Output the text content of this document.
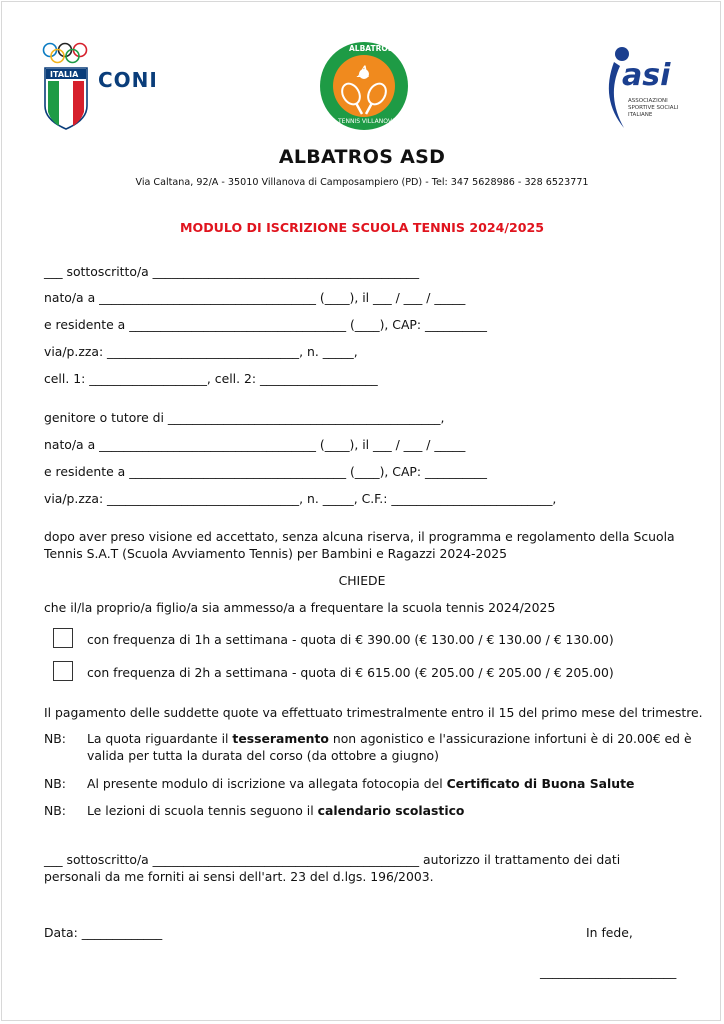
ITALIA CONI
ALBATROS
TENNIS VILLANOVA
A	asi
ASSOCIAZIONI
SPORTIVE SOCIALI
ITALIANE
ALBATROS ASD
Via Caltana, 92/A - 35010 Villanova di Camposampiero (PD) - Tel: 347 5628986 - 328 6523771
MODULO DI ISCRIZIONE SCUOLA TENNIS 2024/2025
___ sottoscritto/a ___________________________________________
nato/a a ___________________________________ (____), il ___ / ___ / _____
e residente a ___________________________________ (____), CAP: __________
via/p.zza: _______________________________, n. _____,
cell. 1: ___________________, cell. 2: ___________________
genitore o tutore di ____________________________________________,
nato/a a ___________________________________ (____), il ___ / ___ / _____
e residente a ___________________________________ (____), CAP: __________
via/p.zza: _______________________________, n. _____, C.F.: __________________________,
dopo aver preso visione ed accettato, senza alcuna riserva, il programma e regolamento della Scuola
Tennis S.A.T (Scuola Avviamento Tennis) per Bambini e Ragazzi 2024-2025
CHIEDE
che il/la proprio/a figlio/a sia ammesso/a a frequentare la scuola tennis 2024/2025
con frequenza di 1h a settimana - quota di € 390.00 (€ 130.00 / € 130.00 / € 130.00)
con frequenza di 2h a settimana - quota di € 615.00 (€ 205.00 / € 205.00 / € 205.00)
Il pagamento delle suddette quote va effettuato trimestralmente entro il 15 del primo mese del trimestre.
NB: La quota riguardante il tesseramento non agonistico e l'assicurazione infortuni è di 20.00€ ed è
valida per tutta la durata del corso (da ottobre a giugno)
NB: Al presente modulo di iscrizione va allegata fotocopia del Certificato di Buona Salute
NB: Le lezioni di scuola tennis seguono il calendario scolastico
___ sottoscritto/a ___________________________________________ autorizzo il trattamento dei dati
personali da me forniti ai sensi dell'art. 23 del d.lgs. 196/2003.
Data: _____________	In fede,
______________________
